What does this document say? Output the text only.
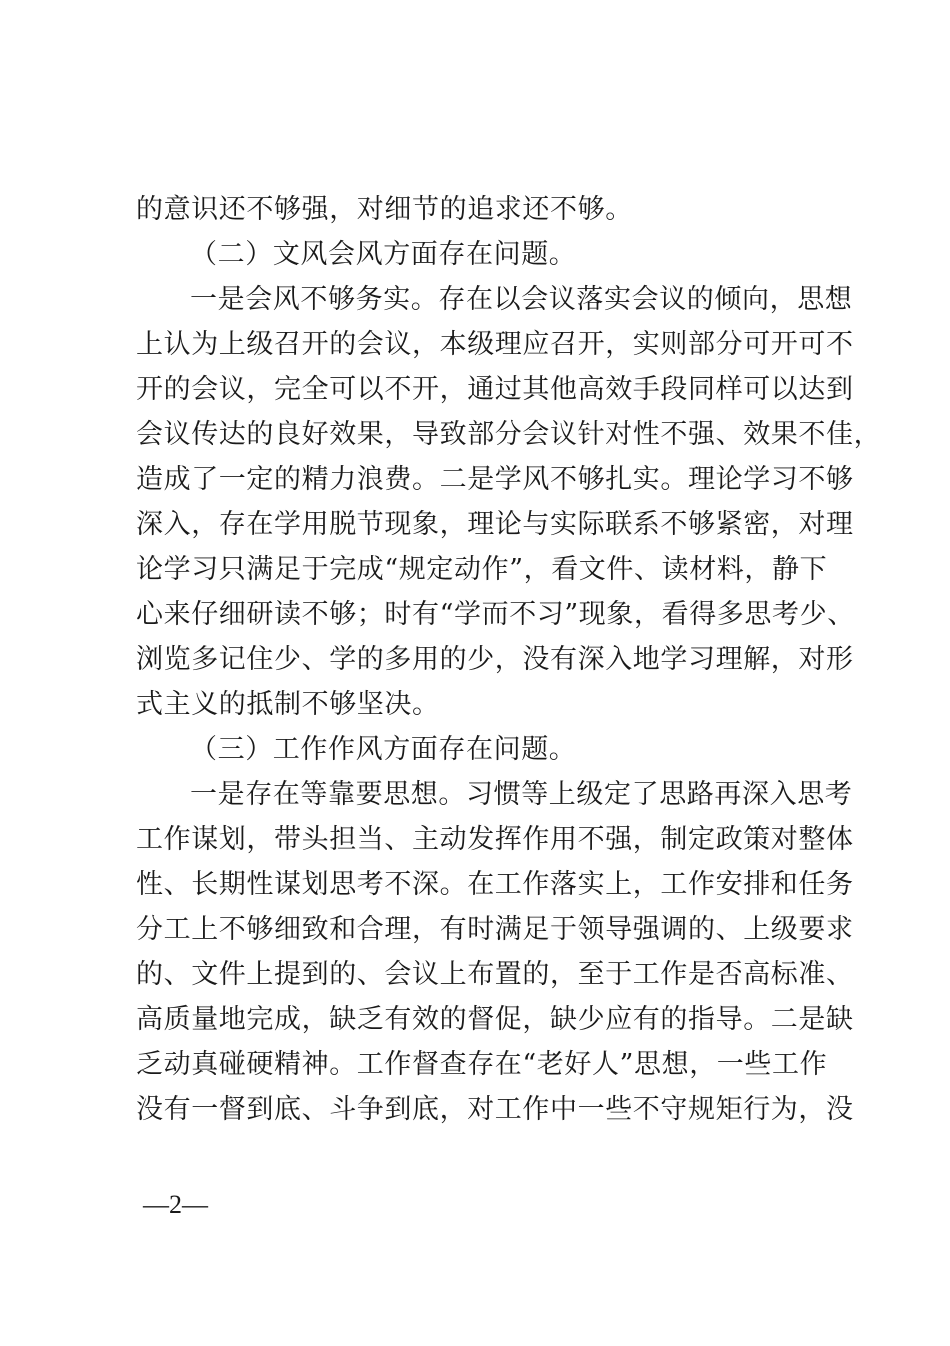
的意识还不够强，对细节的追求还不够。
（二）文风会风方面存在问题。
一是会风不够务实。存在以会议落实会议的倾向，思想
上认为上级召开的会议，本级理应召开，实则部分可开可不
开的会议，完全可以不开，通过其他高效手段同样可以达到
会议传达的良好效果，导致部分会议针对性不强、效果不佳，
造成了一定的精力浪费。二是学风不够扎实。理论学习不够
深入，存在学用脱节现象，理论与实际联系不够紧密，对理
论学习只满足于完成“规定动作”，看文件、读材料，静下
心来仔细研读不够；时有“学而不习”现象，看得多思考少、
浏览多记住少、学的多用的少，没有深入地学习理解，对形
式主义的抵制不够坚决。
（三）工作作风方面存在问题。
一是存在等靠要思想。习惯等上级定了思路再深入思考
工作谋划，带头担当、主动发挥作用不强，制定政策对整体
性、长期性谋划思考不深。在工作落实上，工作安排和任务
分工上不够细致和合理，有时满足于领导强调的、上级要求
的、文件上提到的、会议上布置的，至于工作是否高标准、
高质量地完成，缺乏有效的督促，缺少应有的指导。二是缺
乏动真碰硬精神。工作督查存在“老好人”思想，一些工作
没有一督到底、斗争到底，对工作中一些不守规矩行为，没
—2—
